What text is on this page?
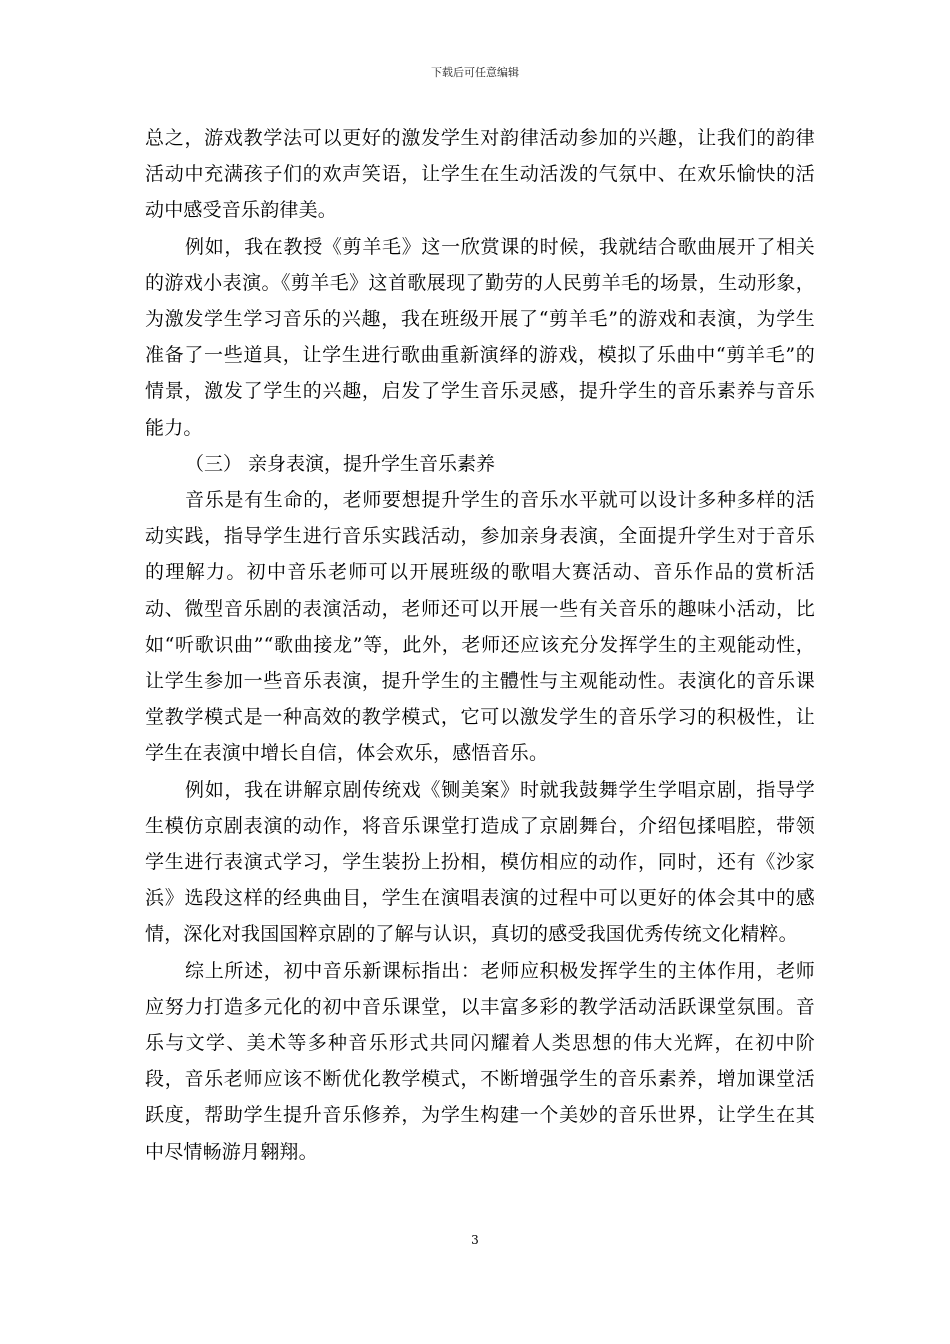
下载后可任意编辑

总之，游戏教学法可以更好的激发学生对韵律活动参加的兴趣，让我们的韵律活动中充满孩子们的欢声笑语，让学生在生动活泼的气氛中、在欢乐愉快的活动中感受音乐韵律美。

例如，我在教授《剪羊毛》这一欣赏课的时候，我就结合歌曲展开了相关的游戏小表演。《剪羊毛》这首歌展现了勤劳的人民剪羊毛的场景，生动形象，为激发学生学习音乐的兴趣，我在班级开展了“剪羊毛”的游戏和表演，为学生准备了一些道具，让学生进行歌曲重新演绎的游戏，模拟了乐曲中“剪羊毛”的情景，激发了学生的兴趣，启发了学生音乐灵感，提升学生的音乐素养与音乐能力。

（三） 亲身表演，提升学生音乐素养

音乐是有生命的，老师要想提升学生的音乐水平就可以设计多种多样的活动实践，指导学生进行音乐实践活动，参加亲身表演，全面提升学生对于音乐的理解力。初中音乐老师可以开展班级的歌唱大赛活动、音乐作品的赏析活动、微型音乐剧的表演活动，老师还可以开展一些有关音乐的趣味小活动，比如“听歌识曲”“歌曲接龙”等，此外，老师还应该充分发挥学生的主观能动性，让学生参加一些音乐表演，提升学生的主體性与主观能动性。表演化的音乐课堂教学模式是一种高效的教学模式，它可以激发学生的音乐学习的积极性，让学生在表演中增长自信，体会欢乐，感悟音乐。

例如，我在讲解京剧传统戏《铡美案》时就我鼓舞学生学唱京剧，指导学生模仿京剧表演的动作，将音乐课堂打造成了京剧舞台，介绍包揉唱腔，带领学生进行表演式学习，学生装扮上扮相，模仿相应的动作，同时，还有《沙家浜》选段这样的经典曲目，学生在演唱表演的过程中可以更好的体会其中的感情，深化对我国国粹京剧的了解与认识，真切的感受我国优秀传统文化精粹。

综上所述，初中音乐新课标指出：老师应积极发挥学生的主体作用，老师应努力打造多元化的初中音乐课堂，以丰富多彩的教学活动活跃课堂氛围。音乐与文学、美术等多种音乐形式共同闪耀着人类思想的伟大光辉，在初中阶段，音乐老师应该不断优化教学模式，不断增强学生的音乐素养，增加课堂活跃度，帮助学生提升音乐修养，为学生构建一个美妙的音乐世界，让学生在其中尽情畅游月翱翔。

3
